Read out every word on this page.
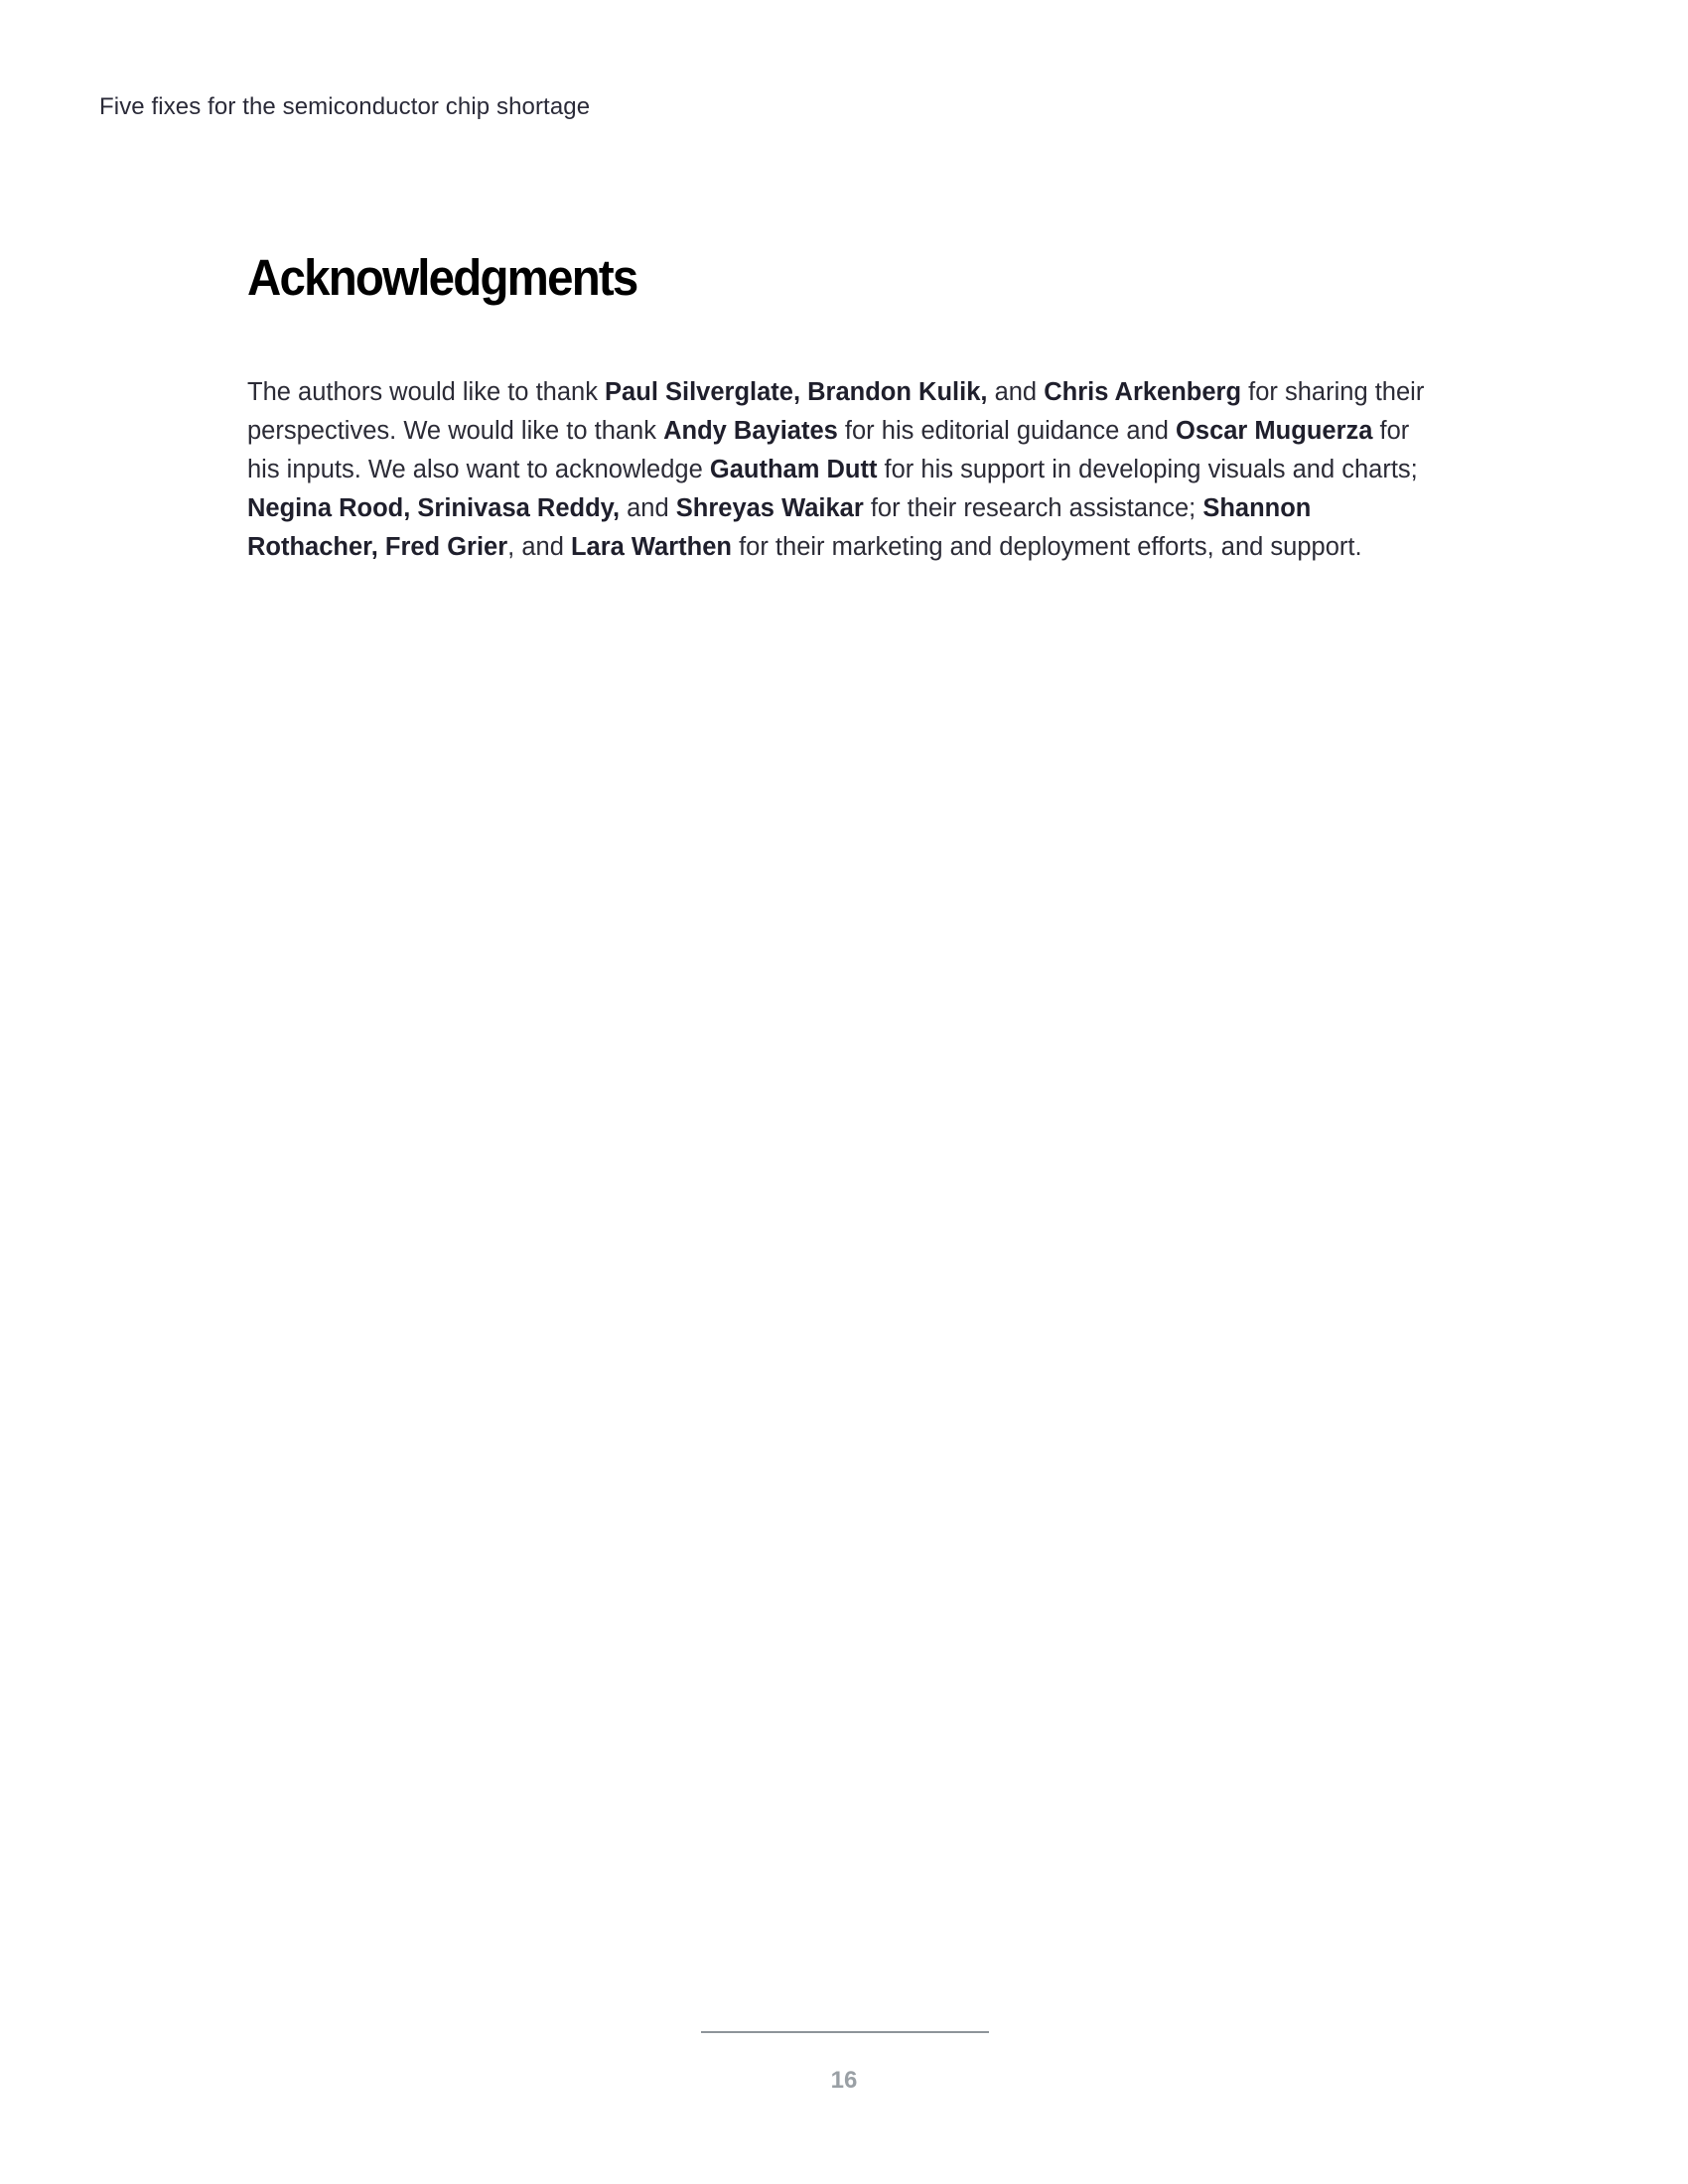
Five fixes for the semiconductor chip shortage
Acknowledgments

The authors would like to thank Paul Silverglate, Brandon Kulik, and Chris Arkenberg for sharing their perspectives. We would like to thank Andy Bayiates for his editorial guidance and Oscar Muguerza for his inputs. We also want to acknowledge Gautham Dutt for his support in developing visuals and charts; Negina Rood, Srinivasa Reddy, and Shreyas Waikar for their research assistance; Shannon Rothacher, Fred Grier, and Lara Warthen for their marketing and deployment efforts, and support.

16
